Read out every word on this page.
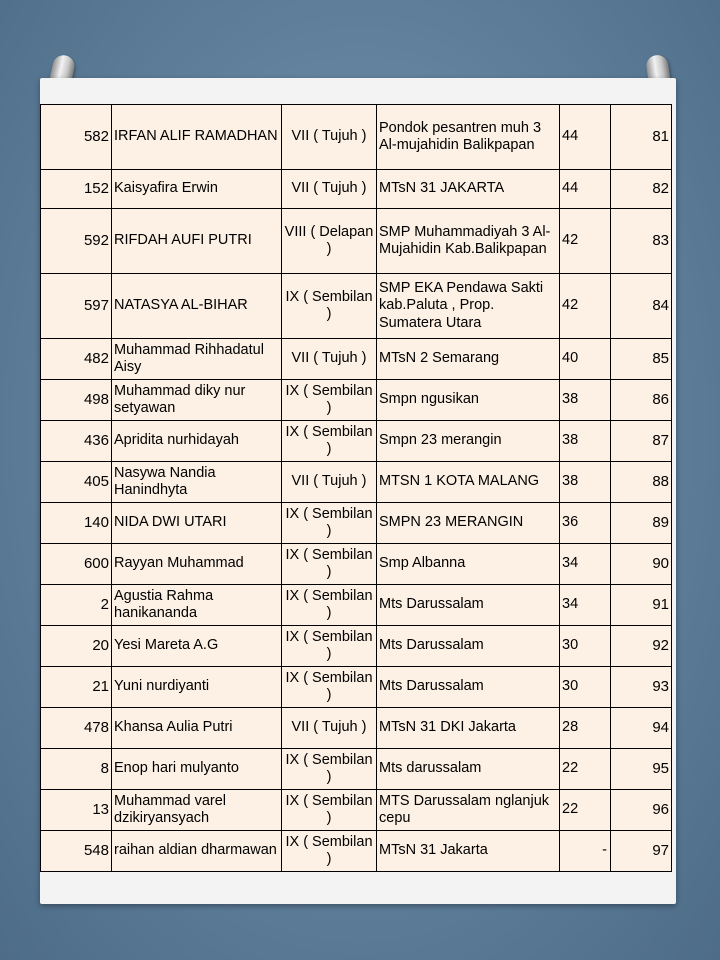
582	IRFAN ALIF RAMADHAN	VII ( Tujuh )	Pondok pesantren muh 3 Al-mujahidin Balikpapan	44	81
152	Kaisyafira Erwin	VII ( Tujuh )	MTsN 31 JAKARTA	44	82
592	RIFDAH AUFI PUTRI	VIII ( Delapan )	SMP Muhammadiyah 3 Al-Mujahidin Kab.Balikpapan	42	83
597	NATASYA AL-BIHAR	IX ( Sembilan )	SMP EKA Pendawa Sakti kab.Paluta , Prop. Sumatera Utara	42	84
482	Muhammad Rihhadatul Aisy	VII ( Tujuh )	MTsN 2 Semarang	40	85
498	Muhammad diky nur setyawan	IX ( Sembilan )	Smpn ngusikan	38	86
436	Apridita nurhidayah	IX ( Sembilan )	Smpn 23 merangin	38	87
405	Nasywa Nandia Hanindhyta	VII ( Tujuh )	MTSN 1 KOTA MALANG	38	88
140	NIDA DWI UTARI	IX ( Sembilan )	SMPN 23 MERANGIN	36	89
600	Rayyan Muhammad	IX ( Sembilan )	Smp Albanna	34	90
2	Agustia Rahma hanikananda	IX ( Sembilan )	Mts Darussalam	34	91
20	Yesi Mareta A.G	IX ( Sembilan )	Mts Darussalam	30	92
21	Yuni nurdiyanti	IX ( Sembilan )	Mts Darussalam	30	93
478	Khansa Aulia Putri	VII ( Tujuh )	MTsN 31 DKI Jakarta	28	94
8	Enop hari mulyanto	IX ( Sembilan )	Mts darussalam	22	95
13	Muhammad varel dzikiryansyach	IX ( Sembilan )	MTS Darussalam nglanjuk cepu	22	96
548	raihan aldian dharmawan	IX ( Sembilan )	MTsN 31 Jakarta	-	97
